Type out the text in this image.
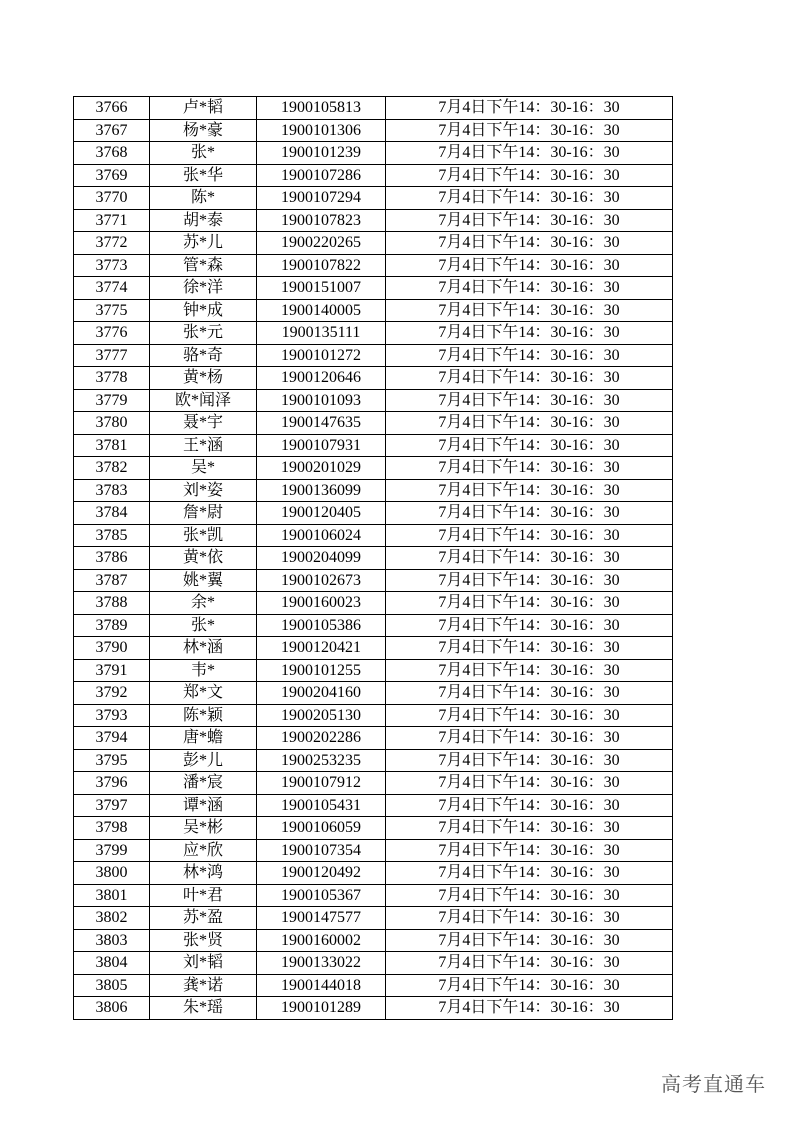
3766	卢*韬	1900105813	7月4日下午14：30-16：30
3767	杨*豪	1900101306	7月4日下午14：30-16：30
3768	张*	1900101239	7月4日下午14：30-16：30
3769	张*华	1900107286	7月4日下午14：30-16：30
3770	陈*	1900107294	7月4日下午14：30-16：30
3771	胡*泰	1900107823	7月4日下午14：30-16：30
3772	苏*儿	1900220265	7月4日下午14：30-16：30
3773	管*森	1900107822	7月4日下午14：30-16：30
3774	徐*洋	1900151007	7月4日下午14：30-16：30
3775	钟*成	1900140005	7月4日下午14：30-16：30
3776	张*元	1900135111	7月4日下午14：30-16：30
3777	骆*奇	1900101272	7月4日下午14：30-16：30
3778	黄*杨	1900120646	7月4日下午14：30-16：30
3779	欧*闻泽	1900101093	7月4日下午14：30-16：30
3780	聂*宇	1900147635	7月4日下午14：30-16：30
3781	王*涵	1900107931	7月4日下午14：30-16：30
3782	吴*	1900201029	7月4日下午14：30-16：30
3783	刘*姿	1900136099	7月4日下午14：30-16：30
3784	詹*尉	1900120405	7月4日下午14：30-16：30
3785	张*凯	1900106024	7月4日下午14：30-16：30
3786	黄*依	1900204099	7月4日下午14：30-16：30
3787	姚*翼	1900102673	7月4日下午14：30-16：30
3788	余*	1900160023	7月4日下午14：30-16：30
3789	张*	1900105386	7月4日下午14：30-16：30
3790	林*涵	1900120421	7月4日下午14：30-16：30
3791	韦*	1900101255	7月4日下午14：30-16：30
3792	郑*文	1900204160	7月4日下午14：30-16：30
3793	陈*颖	1900205130	7月4日下午14：30-16：30
3794	唐*蟾	1900202286	7月4日下午14：30-16：30
3795	彭*儿	1900253235	7月4日下午14：30-16：30
3796	潘*宸	1900107912	7月4日下午14：30-16：30
3797	谭*涵	1900105431	7月4日下午14：30-16：30
3798	吴*彬	1900106059	7月4日下午14：30-16：30
3799	应*欣	1900107354	7月4日下午14：30-16：30
3800	林*鸿	1900120492	7月4日下午14：30-16：30
3801	叶*君	1900105367	7月4日下午14：30-16：30
3802	苏*盈	1900147577	7月4日下午14：30-16：30
3803	张*贤	1900160002	7月4日下午14：30-16：30
3804	刘*韬	1900133022	7月4日下午14：30-16：30
3805	龚*诺	1900144018	7月4日下午14：30-16：30
3806	朱*瑶	1900101289	7月4日下午14：30-16：30
高考直通车
